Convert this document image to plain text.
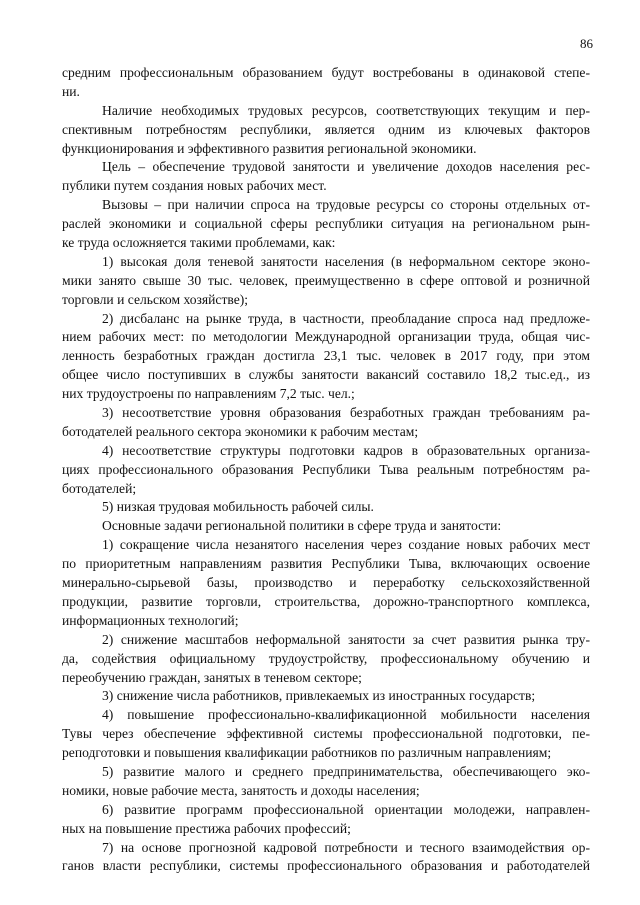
86
средним профессиональным образованием будут востребованы в одинаковой степе-
ни.
Наличие необходимых трудовых ресурсов, соответствующих текущим и пер-
спективным потребностям республики, является одним из ключевых факторов
функционирования и эффективного развития региональной экономики.
Цель – обеспечение трудовой занятости и увеличение доходов населения рес-
публики путем создания новых рабочих мест.
Вызовы – при наличии спроса на трудовые ресурсы со стороны отдельных от-
раслей экономики и социальной сферы республики ситуация на региональном рын-
ке труда осложняется такими проблемами, как:
1) высокая доля теневой занятости населения (в неформальном секторе эконо-
мики занято свыше 30 тыс. человек, преимущественно в сфере оптовой и розничной
торговли и сельском хозяйстве);
2) дисбаланс на рынке труда, в частности, преобладание спроса над предложе-
нием рабочих мест: по методологии Международной организации труда, общая чис-
ленность безработных граждан достигла 23,1 тыс. человек в 2017 году, при этом
общее число поступивших в службы занятости вакансий составило 18,2 тыс.ед., из
них трудоустроены по направлениям 7,2 тыс. чел.;
3) несоответствие уровня образования безработных граждан требованиям ра-
ботодателей реального сектора экономики к рабочим местам;
4) несоответствие структуры подготовки кадров в образовательных организа-
циях профессионального образования Республики Тыва реальным потребностям ра-
ботодателей;
5) низкая трудовая мобильность рабочей силы.
Основные задачи региональной политики в сфере труда и занятости:
1) сокращение числа незанятого населения через создание новых рабочих мест
по приоритетным направлениям развития Республики Тыва, включающих освоение
минерально-сырьевой базы, производство и переработку сельскохозяйственной
продукции, развитие торговли, строительства, дорожно-транспортного комплекса,
информационных технологий;
2) снижение масштабов неформальной занятости за счет развития рынка тру-
да, содействия официальному трудоустройству, профессиональному обучению и
переобучению граждан, занятых в теневом секторе;
3) снижение числа работников, привлекаемых из иностранных государств;
4) повышение профессионально-квалификационной мобильности населения
Тувы через обеспечение эффективной системы профессиональной подготовки, пе-
реподготовки и повышения квалификации работников по различным направлениям;
5) развитие малого и среднего предпринимательства, обеспечивающего эко-
номики, новые рабочие места, занятость и доходы населения;
6) развитие программ профессиональной ориентации молодежи, направлен-
ных на повышение престижа рабочих профессий;
7) на основе прогнозной кадровой потребности и тесного взаимодействия ор-
ганов власти республики, системы профессионального образования и работодателей
